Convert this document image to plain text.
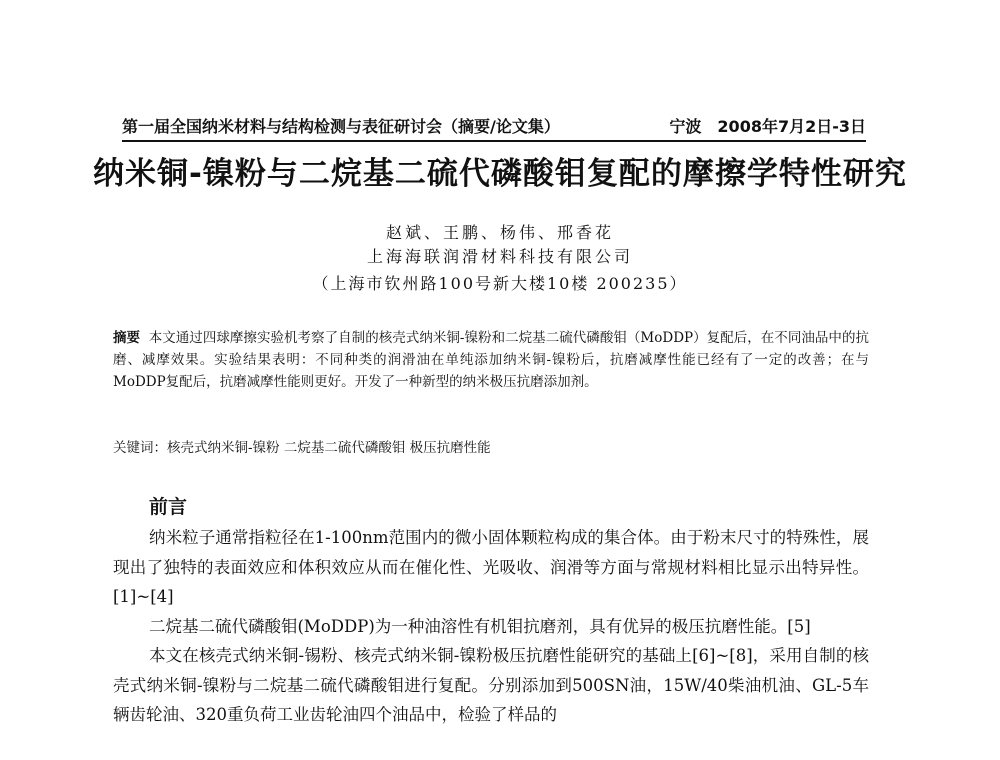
第一届全国纳米材料与结构检测与表征研讨会（摘要/论文集）	宁波 2008年7月2日-3日
纳米铜-镍粉与二烷基二硫代磷酸钼复配的摩擦学特性研究
赵斌、王鹏、杨伟、邢香花
上海海联润滑材料科技有限公司
（上海市钦州路100号新大楼10楼 200235）
摘要 本文通过四球摩擦实验机考察了自制的核壳式纳米铜-镍粉和二烷基二硫代磷酸钼（MoDDP）复配后，在不同油品中的抗磨、减摩效果。实验结果表明：不同种类的润滑油在单纯添加纳米铜-镍粉后，抗磨减摩性能已经有了一定的改善；在与MoDDP复配后，抗磨减摩性能则更好。开发了一种新型的纳米极压抗磨添加剂。
关键词：核壳式纳米铜-镍粉 二烷基二硫代磷酸钼 极压抗磨性能
前言

纳米粒子通常指粒径在1-100nm范围内的微小固体颗粒构成的集合体。由于粉末尺寸的特殊性，展现出了独特的表面效应和体积效应从而在催化性、光吸收、润滑等方面与常规材料相比显示出特异性。[1]~[4]

二烷基二硫代磷酸钼(MoDDP)为一种油溶性有机钼抗磨剂，具有优异的极压抗磨性能。[5]

本文在核壳式纳米铜-锡粉、核壳式纳米铜-镍粉极压抗磨性能研究的基础上[6]~[8]，采用自制的核壳式纳米铜-镍粉与二烷基二硫代磷酸钼进行复配。分别添加到500SN油，15W/40柴油机油、GL-5车辆齿轮油、320重负荷工业齿轮油四个油品中，检验了样品的
